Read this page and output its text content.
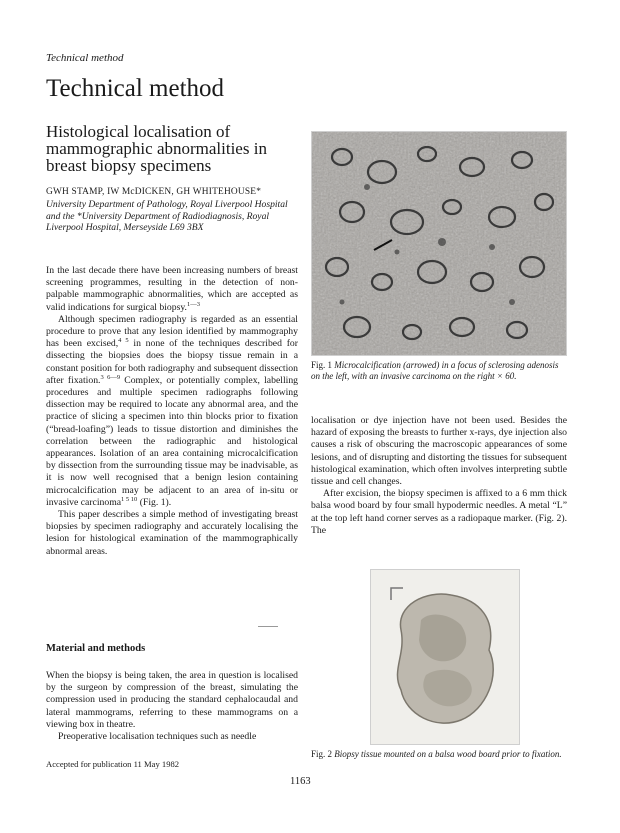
Technical method
Technical method
Histological localisation of mammographic abnormalities in breast biopsy specimens
GWH STAMP, IW McDICKEN, GH WHITEHOUSE*
University Department of Pathology, Royal Liverpool Hospital and the *University Department of Radiodiagnosis, Royal Liverpool Hospital, Merseyside L69 3BX

In the last decade there have been increasing numbers of breast screening programmes, resulting in the detection of non-palpable mammographic abnormalities, which are accepted as valid indications for surgical biopsy.$^{1—3}$

Although specimen radiography is regarded as an essential procedure to prove that any lesion identified by mammography has been excised,$^{4 5}$ in none of the techniques described for dissecting the biopsies does the biopsy tissue remain in a constant position for both radiography and subsequent dissection after fixation.$^{3 6—9}$ Complex, or potentially complex, labelling procedures and multiple specimen radiographs following dissection may be required to locate any abnormal area, and the practice of slicing a specimen into thin blocks prior to fixation (“bread-loafing”) leads to tissue distortion and diminishes the correlation between the radiographic and histological appearances. Isolation of an area containing microcalcification by dissection from the surrounding tissue may be inadvisable, as it is now well recognised that a benign lesion containing microcalcification may be adjacent to an area of in-situ or invasive carcinoma$^{1 5 10}$ (Fig. 1).

This paper describes a simple method of investigating breast biopsies by specimen radiography and accurately localising the lesion for histological examination of the mammographically abnormal areas.

Material and methods

When the biopsy is being taken, the area in question is localised by the surgeon by compression of the breast, simulating the compression used in producing the standard cephalocaudal and lateral mammograms, referring to these mammograms on a viewing box in theatre.

Preoperative localisation techniques such as needle

Accepted for publication 11 May 1982
1163
Fig. 1 Microcalcification (arrowed) in a focus of sclerosing adenosis on the left, with an invasive carcinoma on the right × 60.

localisation or dye injection have not been used. Besides the hazard of exposing the breasts to further x-rays, dye injection also causes a risk of obscuring the macroscopic appearances of some lesions, and of disrupting and distorting the tissues for subsequent histological examination, which often involves interpreting subtle tissue and cell changes.

After excision, the biopsy specimen is affixed to a 6 mm thick balsa wood board by four small hypodermic needles. A metal “L” at the top left hand corner serves as a radiopaque marker. (Fig. 2). The

Fig. 2 Biopsy tissue mounted on a balsa wood board prior to fixation.
